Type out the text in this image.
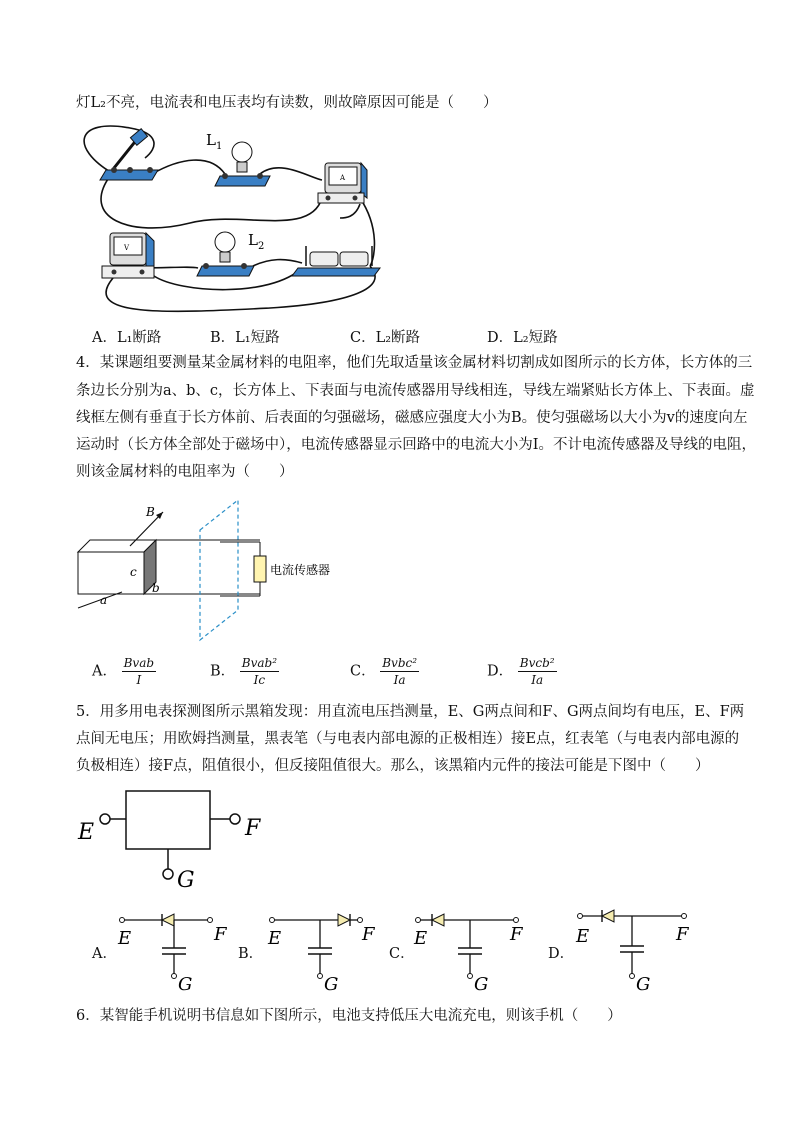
灯L₂不亮，电流表和电压表均有读数，则故障原因可能是（　　）
L 1
A
V	L 2
A．L₁断路	B．L₁短路	C．L₂断路	D．L₂短路
4．某课题组要测量某金属材料的电阻率，他们先取适量该金属材料切割成如图所示的长方体，长方体的三
条边长分别为a、b、c，长方体上、下表面与电流传感器用导线相连，导线左端紧贴长方体上、下表面。虚
线框左侧有垂直于长方体前、后表面的匀强磁场，磁感应强度大小为B。使匀强磁场以大小为v的速度向左
运动时（长方体全部处于磁场中），电流传感器显示回路中的电流大小为I。不计电流传感器及导线的电阻，
则该金属材料的电阻率为（　　）
B
a
c
b
电流传感器
A． $\frac{\text{Bvab}}{I}$	B． $\frac{\text{Bvab²}}{Ic}$	C． $\frac{\text{Bvbc²}}{Ia}$	D． $\frac{\text{Bvcb²}}{Ia}$
5．用多用电表探测图所示黑箱发现：用直流电压挡测量，E、G两点间和F、G两点间均有电压，E、F两
点间无电压；用欧姆挡测量，黑表笔（与电表内部电源的正极相连）接E点，红表笔（与电表内部电源的
负极相连）接F点，阻值很小，但反接阻值很大。那么，该黑箱内元件的接法可能是下图中（　　）
E	F
G
A．	B．	C．	D．
E	F
G
E	F
G
E	F
G
E	F
G
6．某智能手机说明书信息如下图所示，电池支持低压大电流充电，则该手机（　　）
